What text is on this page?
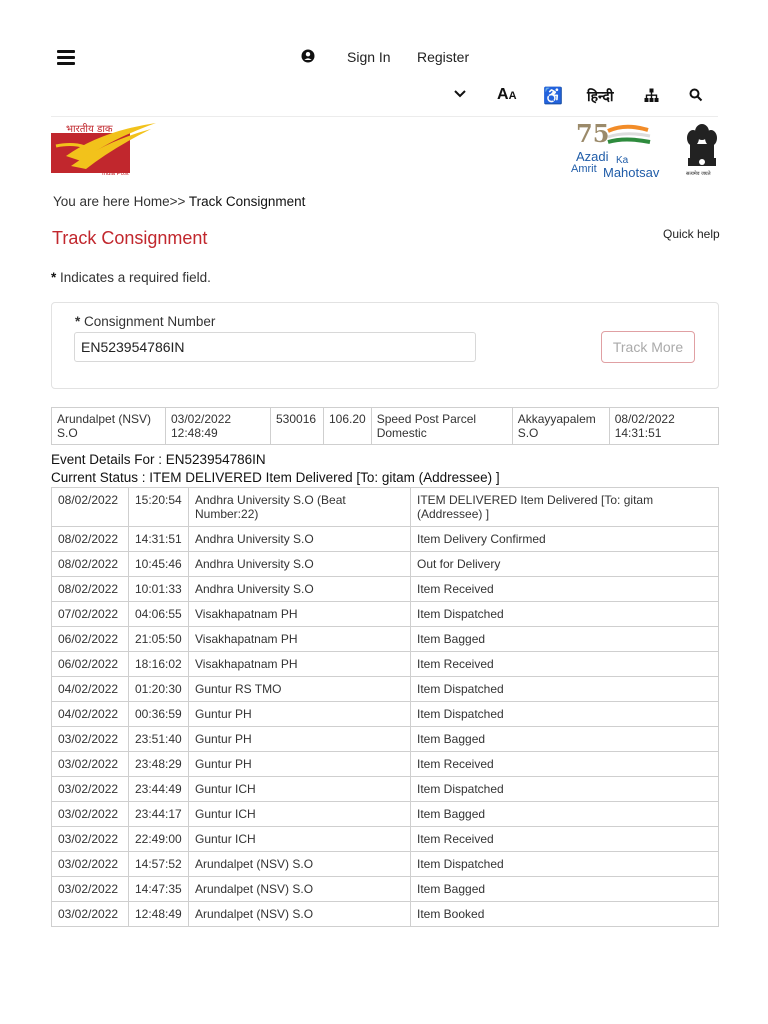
Sign In Register
AA ♿ हिन्दी
भारतीय डाक
India Post
75
Azadi Ka
Amrit Mahotsav	सत्यमेव जयते
You are here Home>> Track Consignment
Track Consignment	Quick help
* Indicates a required field.
* Consignment Number
EN523954786IN
Track More
Arundalpet (NSV) S.O	03/02/2022 12:48:49	530016	106.20	Speed Post Parcel Domestic	Akkayyapalem S.O	08/02/2022 14:31:51
Event Details For : EN523954786IN
Current Status : ITEM DELIVERED Item Delivered [To: gitam (Addressee) ]
08/02/2022	15:20:54	Andhra University S.O (Beat Number:22)	ITEM DELIVERED Item Delivered [To: gitam (Addressee) ]
08/02/2022	14:31:51	Andhra University S.O	Item Delivery Confirmed
08/02/2022	10:45:46	Andhra University S.O	Out for Delivery
08/02/2022	10:01:33	Andhra University S.O	Item Received
07/02/2022	04:06:55	Visakhapatnam PH	Item Dispatched
06/02/2022	21:05:50	Visakhapatnam PH	Item Bagged
06/02/2022	18:16:02	Visakhapatnam PH	Item Received
04/02/2022	01:20:30	Guntur RS TMO	Item Dispatched
04/02/2022	00:36:59	Guntur PH	Item Dispatched
03/02/2022	23:51:40	Guntur PH	Item Bagged
03/02/2022	23:48:29	Guntur PH	Item Received
03/02/2022	23:44:49	Guntur ICH	Item Dispatched
03/02/2022	23:44:17	Guntur ICH	Item Bagged
03/02/2022	22:49:00	Guntur ICH	Item Received
03/02/2022	14:57:52	Arundalpet (NSV) S.O	Item Dispatched
03/02/2022	14:47:35	Arundalpet (NSV) S.O	Item Bagged
03/02/2022	12:48:49	Arundalpet (NSV) S.O	Item Booked
